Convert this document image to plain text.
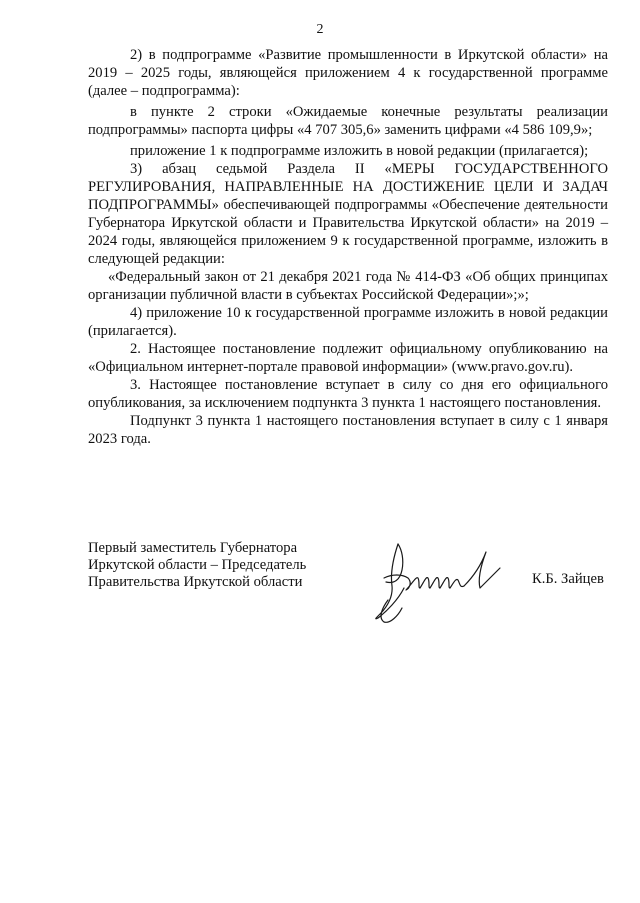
2

2) в подпрограмме «Развитие промышленности в Иркутской области» на 2019 – 2025 годы, являющейся приложением 4 к государственной программе (далее – подпрограмма):

в пункте 2 строки «Ожидаемые конечные результаты реализации подпрограммы» паспорта цифры «4 707 305,6» заменить цифрами «4 586 109,9»;

приложение 1 к подпрограмме изложить в новой редакции (прилагается);

3) абзац седьмой Раздела II «МЕРЫ ГОСУДАРСТВЕННОГО РЕГУЛИРОВАНИЯ, НАПРАВЛЕННЫЕ НА ДОСТИЖЕНИЕ ЦЕЛИ И ЗАДАЧ ПОДПРОГРАММЫ» обеспечивающей подпрограммы «Обеспечение деятельности Губернатора Иркутской области и Правительства Иркутской области» на 2019 – 2024 годы, являющейся приложением 9 к государственной программе, изложить в следующей редакции:

«Федеральный закон от 21 декабря 2021 года № 414-ФЗ «Об общих принципах организации публичной власти в субъектах Российской Федерации»;»;

4) приложение 10 к государственной программе изложить в новой редакции (прилагается).

2. Настоящее постановление подлежит официальному опубликованию на «Официальном интернет-портале правовой информации» (www.pravo.gov.ru).

3. Настоящее постановление вступает в силу со дня его официального опубликования, за исключением подпункта 3 пункта 1 настоящего постановления.

Подпункт 3 пункта 1 настоящего постановления вступает в силу с 1 января 2023 года.

Первый заместитель Губернатора
Иркутской области – Председатель
Правительства Иркутской области	К.Б. Зайцев
